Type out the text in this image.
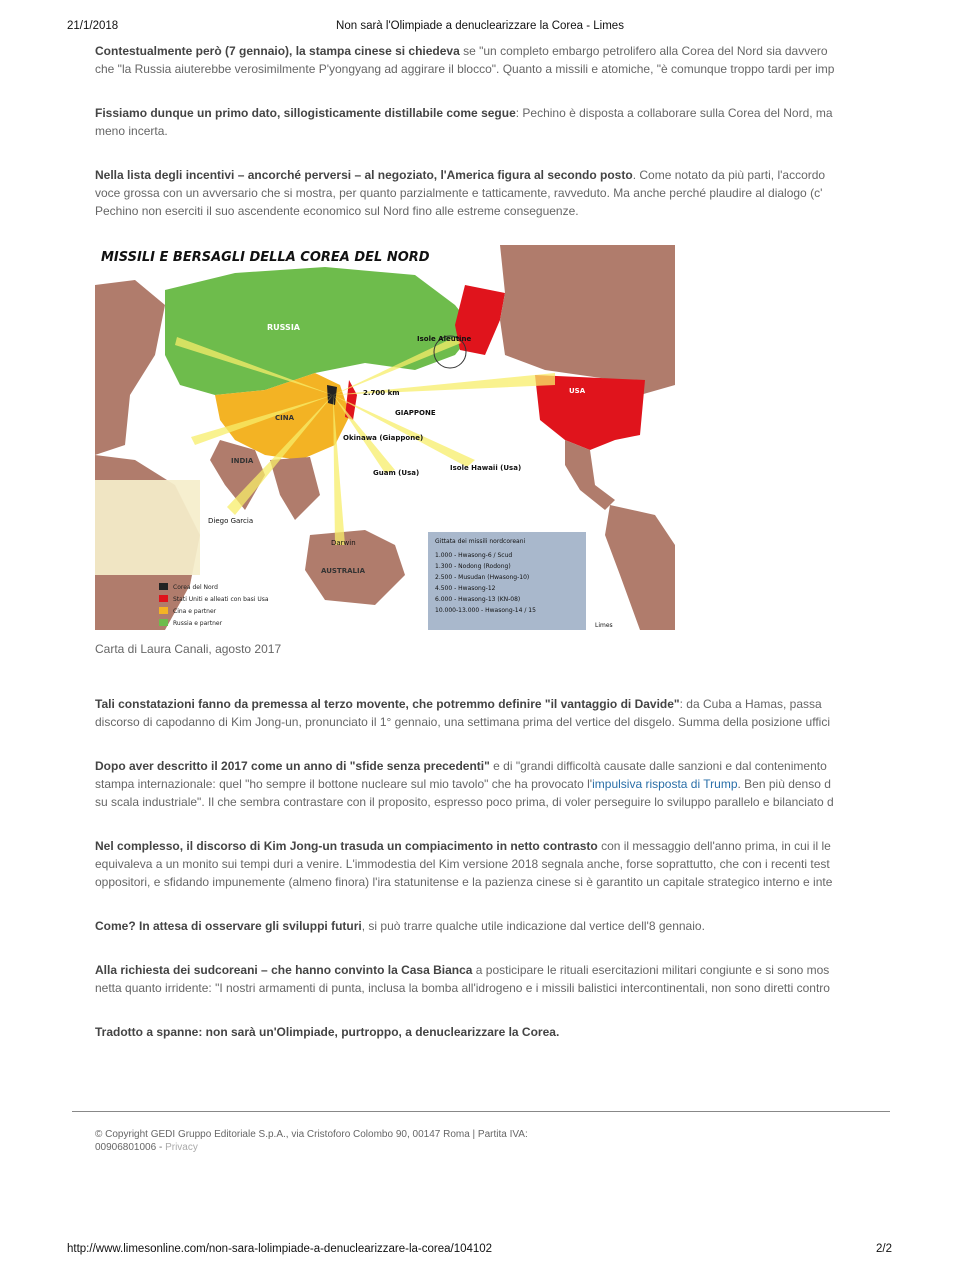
21/1/2018	Non sarà l'Olimpiade a denuclearizzare la Corea - Limes

Contestualmente però (7 gennaio), la stampa cinese si chiedeva se "un completo embargo petrolifero alla Corea del Nord sia davvero
che "la Russia aiuterebbe verosimilmente P'yongyang ad aggirare il blocco". Quanto a missili e atomiche, "è comunque troppo tardi per imp

Fissiamo dunque un primo dato, sillogisticamente distillabile come segue: Pechino è disposta a collaborare sulla Corea del Nord, ma
meno incerta.

Nella lista degli incentivi – ancorché perversi – al negoziato, l'America figura al secondo posto. Come notato da più parti, l'accordo
voce grossa con un avversario che si mostra, per quanto parzialmente e tatticamente, ravveduto. Ma anche perché plaudire al dialogo (c'
Pechino non eserciti il suo ascendente economico sul Nord fino alle estreme conseguenze.

MISSILI E BERSAGLI DELLA COREA DEL NORD
RUSSIA
CINA
INDIA
GIAPPONE
AUSTRALIA
USA
Isole Aleutine
Okinawa (Giappone)
Guam (Usa)
Isole Hawaii (Usa)
Diego Garcia
Darwin
2.700 km
Limes
Corea del Nord
Stati Uniti e alleati con basi Usa
Cina e partner
Russia e partner
Gittata dei missili nordcoreani
1.000 - Hwasong-6 / Scud
1.300 - Nodong (Rodong)
2.500 - Musudan (Hwasong-10)
4.500 - Hwasong-12
6.000 - Hwasong-13 (KN-08)
10.000-13.000 - Hwasong-14 / 15
Carta di Laura Canali, agosto 2017

Tali constatazioni fanno da premessa al terzo movente, che potremmo definire "il vantaggio di Davide": da Cuba a Hamas, passa
discorso di capodanno di Kim Jong-un, pronunciato il 1° gennaio, una settimana prima del vertice del disgelo. Summa della posizione uffici

Dopo aver descritto il 2017 come un anno di "sfide senza precedenti" e di "grandi difficoltà causate dalle sanzioni e dal contenimento
stampa internazionale: quel "ho sempre il bottone nucleare sul mio tavolo" che ha provocato l'impulsiva risposta di Trump. Ben più denso d
su scala industriale". Il che sembra contrastare con il proposito, espresso poco prima, di voler perseguire lo sviluppo parallelo e bilanciato d

Nel complesso, il discorso di Kim Jong-un trasuda un compiacimento in netto contrasto con il messaggio dell'anno prima, in cui il le
equivaleva a un monito sui tempi duri a venire. L'immodestia del Kim versione 2018 segnala anche, forse soprattutto, che con i recenti test
oppositori, e sfidando impunemente (almeno finora) l'ira statunitense e la pazienza cinese si è garantito un capitale strategico interno e inte

Come? In attesa di osservare gli sviluppi futuri, si può trarre qualche utile indicazione dal vertice dell'8 gennaio.

Alla richiesta dei sudcoreani – che hanno convinto la Casa Bianca a posticipare le rituali esercitazioni militari congiunte e si sono mos
netta quanto irridente: "I nostri armamenti di punta, inclusa la bomba all'idrogeno e i missili balistici intercontinentali, non sono diretti contro

Tradotto a spanne: non sarà un'Olimpiade, purtroppo, a denuclearizzare la Corea.

© Copyright GEDI Gruppo Editoriale S.p.A., via Cristoforo Colombo 90, 00147 Roma | Partita IVA:
00906801006 - Privacy
http://www.limesonline.com/non-sara-lolimpiade-a-denuclearizzare-la-corea/104102	2/2
